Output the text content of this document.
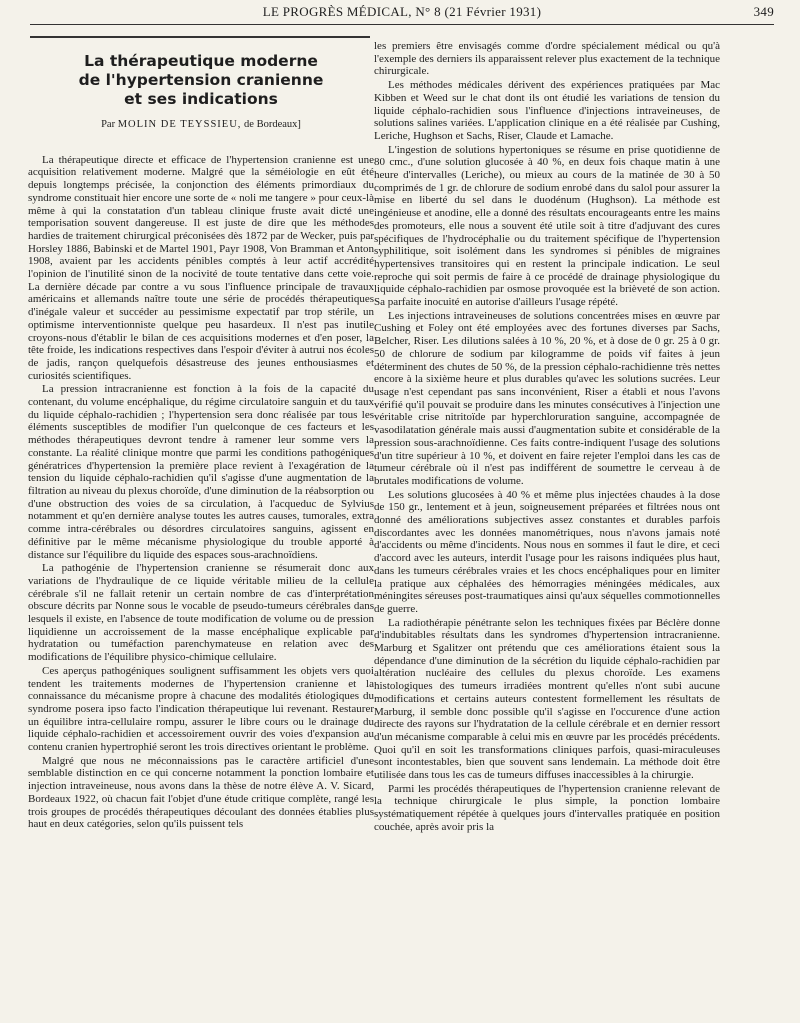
LE PROGRÈS MÉDICAL, N° 8 (21 Février 1931)	349
La thérapeutique moderne
de l'hypertension cranienne
et ses indications
Par MOLIN DE TEYSSIEU, de Bordeaux]

La thérapeutique directe et efficace de l'hypertension cranienne est une acquisition relativement moderne. Malgré que la séméiologie en eût été depuis longtemps précisée, la conjonction des éléments primordiaux du syndrome constituait hier encore une sorte de « noli me tangere » pour ceux-là même à qui la constatation d'un tableau clinique fruste avait dicté une temporisation souvent dangereuse. Il est juste de dire que les méthodes hardies de traitement chirurgical préconisées dès 1872 par de Wecker, puis par Horsley 1886, Babinski et de Martel 1901, Payr 1908, Von Bramman et Anton 1908, avaient par les accidents pénibles comptés à leur actif accrédité l'opinion de l'inutilité sinon de la nocivité de toute tentative dans cette voie. La dernière décade par contre a vu sous l'influence principale de travaux américains et allemands naître toute une série de procédés thérapeutiques d'inégale valeur et succéder au pessimisme expectatif par trop stérile, un optimisme interventionniste quelque peu hasardeux. Il n'est pas inutile croyons-nous d'établir le bilan de ces acquisitions modernes et d'en poser, la tête froide, les indications respectives dans l'espoir d'éviter à autrui nos écoles de jadis, rançon quelquefois désastreuse des jeunes enthousiasmes et curiosités scientifiques.

La pression intracranienne est fonction à la fois de la capacité du contenant, du volume encéphalique, du régime circulatoire sanguin et du taux du liquide céphalo-rachidien ; l'hypertension sera donc réalisée par tous les éléments susceptibles de modifier l'un quelconque de ces facteurs et les méthodes thérapeutiques devront tendre à ramener leur somme vers la constante. La réalité clinique montre que parmi les conditions pathogéniques génératrices d'hypertension la première place revient à l'exagération de la tension du liquide céphalo-rachidien qu'il s'agisse d'une augmentation de la filtration au niveau du plexus choroïde, d'une diminution de la réabsorption ou d'une obstruction des voies de sa circulation, à l'acqueduc de Sylvius notamment et qu'en dernière analyse toutes les autres causes, tumorales, extra comme intra-cérébrales ou désordres circulatoires sanguins, agissent en définitive par le même mécanisme physiologique du trouble apporté à distance sur l'équilibre du liquide des espaces sous-arachnoïdiens.

La pathogénie de l'hypertension cranienne se résumerait donc aux variations de l'hydraulique de ce liquide véritable milieu de la cellule cérébrale s'il ne fallait retenir un certain nombre de cas d'interprétation obscure décrits par Nonne sous le vocable de pseudo-tumeurs cérébrales dans lesquels il existe, en l'absence de toute modification de volume ou de pression liquidienne un accroissement de la masse encéphalique explicable par hydratation ou tuméfaction parenchymateuse en relation avec des modifications de l'équilibre physico-chimique cellulaire.

Ces aperçus pathogéniques soulignent suffisamment les objets vers quoi tendent les traitements modernes de l'hypertension cranienne et la connaissance du mécanisme propre à chacune des modalités étiologiques du syndrome posera ipso facto l'indication thérapeutique lui revenant. Restaurer un équilibre intra-cellulaire rompu, assurer le libre cours ou le drainage du liquide céphalo-rachidien et accessoirement ouvrir des voies d'expansion au contenu cranien hypertrophié seront les trois directives orientant le problème.

Malgré que nous ne méconnaissions pas le caractère artificiel d'une semblable distinction en ce qui concerne notamment la ponction lombaire et injection intraveineuse, nous avons dans la thèse de notre élève A. V. Sicard, Bordeaux 1922, où chacun fait l'objet d'une étude critique complète, rangé les trois groupes de procédés thérapeutiques découlant des données établies plus haut en deux catégories, selon qu'ils puissent tels

les premiers être envisagés comme d'ordre spécialement médical ou qu'à l'exemple des derniers ils apparaissent relever plus exactement de la technique chirurgicale.

Les méthodes médicales dérivent des expériences pratiquées par Mac Kibben et Weed sur le chat dont ils ont étudié les variations de tension du liquide céphalo-rachidien sous l'influence d'injections intraveineuses, de solutions salines variées. L'application clinique en a été réalisée par Cushing, Leriche, Hughson et Sachs, Riser, Claude et Lamache.

L'ingestion de solutions hypertoniques se résume en prise quotidienne de 80 cmc., d'une solution glucosée à 40 %, en deux fois chaque matin à une heure d'intervalles (Leriche), ou mieux au cours de la matinée de 30 à 50 comprimés de 1 gr. de chlorure de sodium enrobé dans du salol pour assurer la mise en liberté du sel dans le duodénum (Hughson). La méthode est ingénieuse et anodine, elle a donné des résultats encourageants entre les mains des promoteurs, elle nous a souvent été utile soit à titre d'adjuvant des cures spécifiques de l'hydrocéphalie ou du traitement spécifique de l'hypertension syphilitique, soit isolément dans les syndromes si pénibles de migraines hypertensives transitoires qui en restent la principale indication. Le seul reproche qui soit permis de faire à ce procédé de drainage physiologique du liquide céphalo-rachidien par osmose provoquée est la brièveté de son action. Sa parfaite inocuité en autorise d'ailleurs l'usage répété.

Les injections intraveineuses de solutions concentrées mises en œuvre par Cushing et Foley ont été employées avec des fortunes diverses par Sachs, Belcher, Riser. Les dilutions salées à 10 %, 20 %, et à dose de 0 gr. 25 à 0 gr. 50 de chlorure de sodium par kilogramme de poids vif faites à jeun déterminent des chutes de 50 %, de la pression céphalo-rachidienne très nettes encore à la sixième heure et plus durables qu'avec les solutions sucrées. Leur usage n'est cependant pas sans inconvénient, Riser a établi et nous l'avons vérifié qu'il pouvait se produire dans les minutes consécutives à l'injection une véritable crise nitritoïde par hyperchloruration sanguine, accompagnée de vasodilatation générale mais aussi d'augmentation subite et considérable de la pression sous-arachnoïdienne. Ces faits contre-indiquent l'usage des solutions d'un titre supérieur à 10 %, et doivent en faire rejeter l'emploi dans les cas de tumeur cérébrale où il n'est pas indifférent de soumettre le cerveau à de brutales modifications de volume.

Les solutions glucosées à 40 % et même plus injectées chaudes à la dose de 150 gr., lentement et à jeun, soigneusement préparées et filtrées nous ont donné des améliorations subjectives assez constantes et durables parfois discordantes avec les données manométriques, nous n'avons jamais noté d'accidents ou même d'incidents. Nous nous en sommes il faut le dire, et ceci d'accord avec les auteurs, interdit l'usage pour les raisons indiquées plus haut, dans les tumeurs cérébrales vraies et les chocs encéphaliques pour en limiter la pratique aux céphalées des hémorragies méningées médicales, aux méningites séreuses post-traumatiques ainsi qu'aux séquelles commotionnelles de guerre.

La radiothérapie pénétrante selon les techniques fixées par Béclère donne d'indubitables résultats dans les syndromes d'hypertension intracranienne. Marburg et Sgalitzer ont prétendu que ces améliorations étaient sous la dépendance d'une diminution de la sécrétion du liquide céphalo-rachidien par altération nucléaire des cellules du plexus choroïde. Les examens histologiques des tumeurs irradiées montrent qu'elles n'ont subi aucune modifications et certains auteurs contestent formellement les résultats de Marburg, il semble donc possible qu'il s'agisse en l'occurence d'une action directe des rayons sur l'hydratation de la cellule cérébrale et en dernier ressort d'un mécanisme comparable à celui mis en œuvre par les procédés précédents. Quoi qu'il en soit les transformations cliniques parfois, quasi-miraculeuses sont incontestables, bien que souvent sans lendemain. La méthode doit être utilisée dans tous les cas de tumeurs diffuses inaccessibles à la chirurgie.

Parmi les procédés thérapeutiques de l'hypertension cranienne relevant de la technique chirurgicale le plus simple, la ponction lombaire systématiquement répétée à quelques jours d'intervalles pratiquée en position couchée, après avoir pris la
